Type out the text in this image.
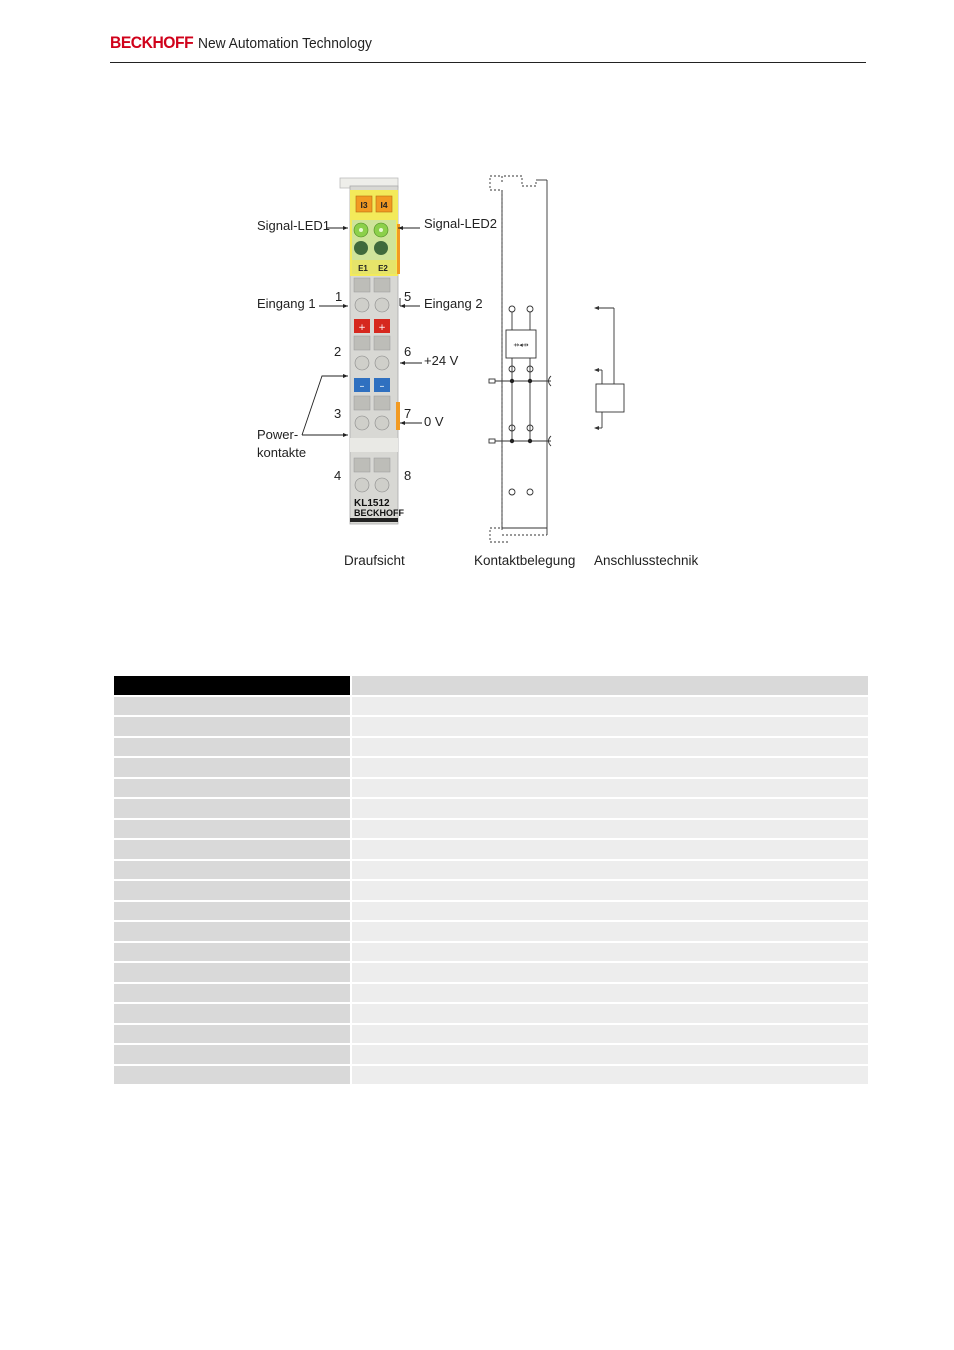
BECKHOFF New Automation Technology
I3 I4
E1 E2
+ +
– –
KL1512
BECKHOFF
Signal-LED1	Signal-LED2
Eingang 1	Eingang 2
+24 V
0 V
Power-
kontakte
1
2
3
4
5
6
7
8
⇸◂⇸
Draufsicht	Kontaktbelegung Anschlusstechnik
